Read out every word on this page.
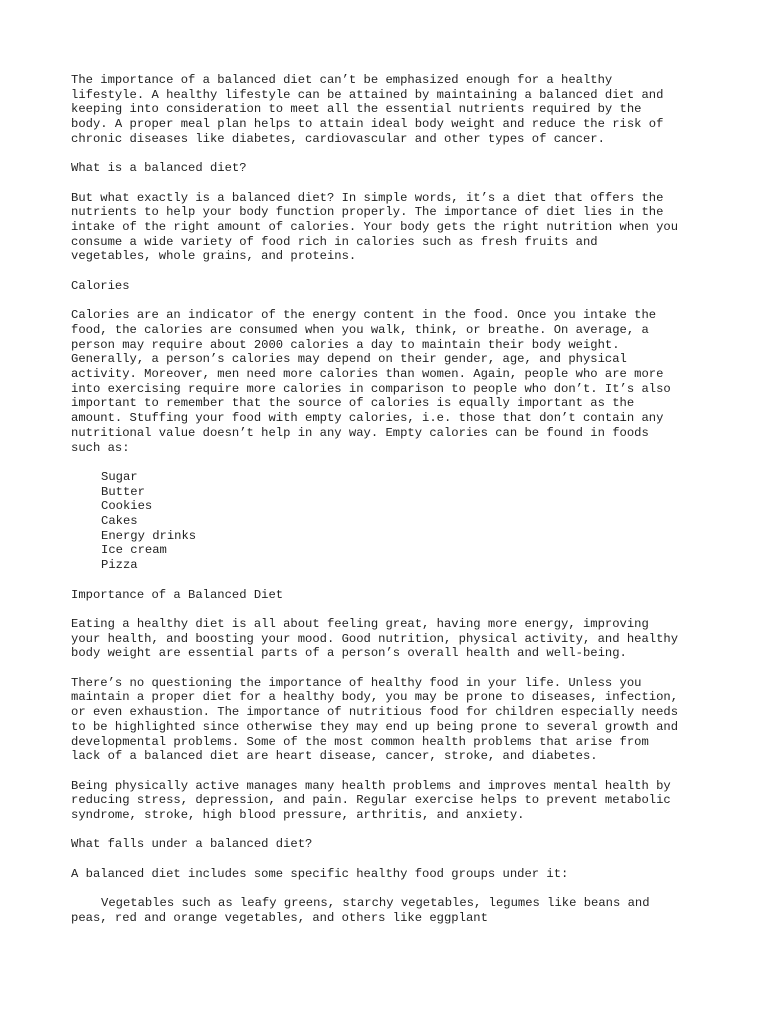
The importance of a balanced diet can’t be emphasized enough for a healthy
lifestyle. A healthy lifestyle can be attained by maintaining a balanced diet and
keeping into consideration to meet all the essential nutrients required by the
body. A proper meal plan helps to attain ideal body weight and reduce the risk of
chronic diseases like diabetes, cardiovascular and other types of cancer.

What is a balanced diet?

But what exactly is a balanced diet? In simple words, it’s a diet that offers the
nutrients to help your body function properly. The importance of diet lies in the
intake of the right amount of calories. Your body gets the right nutrition when you
consume a wide variety of food rich in calories such as fresh fruits and
vegetables, whole grains, and proteins.

Calories

Calories are an indicator of the energy content in the food. Once you intake the
food, the calories are consumed when you walk, think, or breathe. On average, a
person may require about 2000 calories a day to maintain their body weight.
Generally, a person’s calories may depend on their gender, age, and physical
activity. Moreover, men need more calories than women. Again, people who are more
into exercising require more calories in comparison to people who don’t. It’s also
important to remember that the source of calories is equally important as the
amount. Stuffing your food with empty calories, i.e. those that don’t contain any
nutritional value doesn’t help in any way. Empty calories can be found in foods
such as:

Sugar
Butter
Cookies
Cakes
Energy drinks
Ice cream
Pizza

Importance of a Balanced Diet

Eating a healthy diet is all about feeling great, having more energy, improving
your health, and boosting your mood. Good nutrition, physical activity, and healthy
body weight are essential parts of a person’s overall health and well-being.

There’s no questioning the importance of healthy food in your life. Unless you
maintain a proper diet for a healthy body, you may be prone to diseases, infection,
or even exhaustion. The importance of nutritious food for children especially needs
to be highlighted since otherwise they may end up being prone to several growth and
developmental problems. Some of the most common health problems that arise from
lack of a balanced diet are heart disease, cancer, stroke, and diabetes.

Being physically active manages many health problems and improves mental health by
reducing stress, depression, and pain. Regular exercise helps to prevent metabolic
syndrome, stroke, high blood pressure, arthritis, and anxiety.

What falls under a balanced diet?

A balanced diet includes some specific healthy food groups under it:

Vegetables such as leafy greens, starchy vegetables, legumes like beans and
peas, red and orange vegetables, and others like eggplant
